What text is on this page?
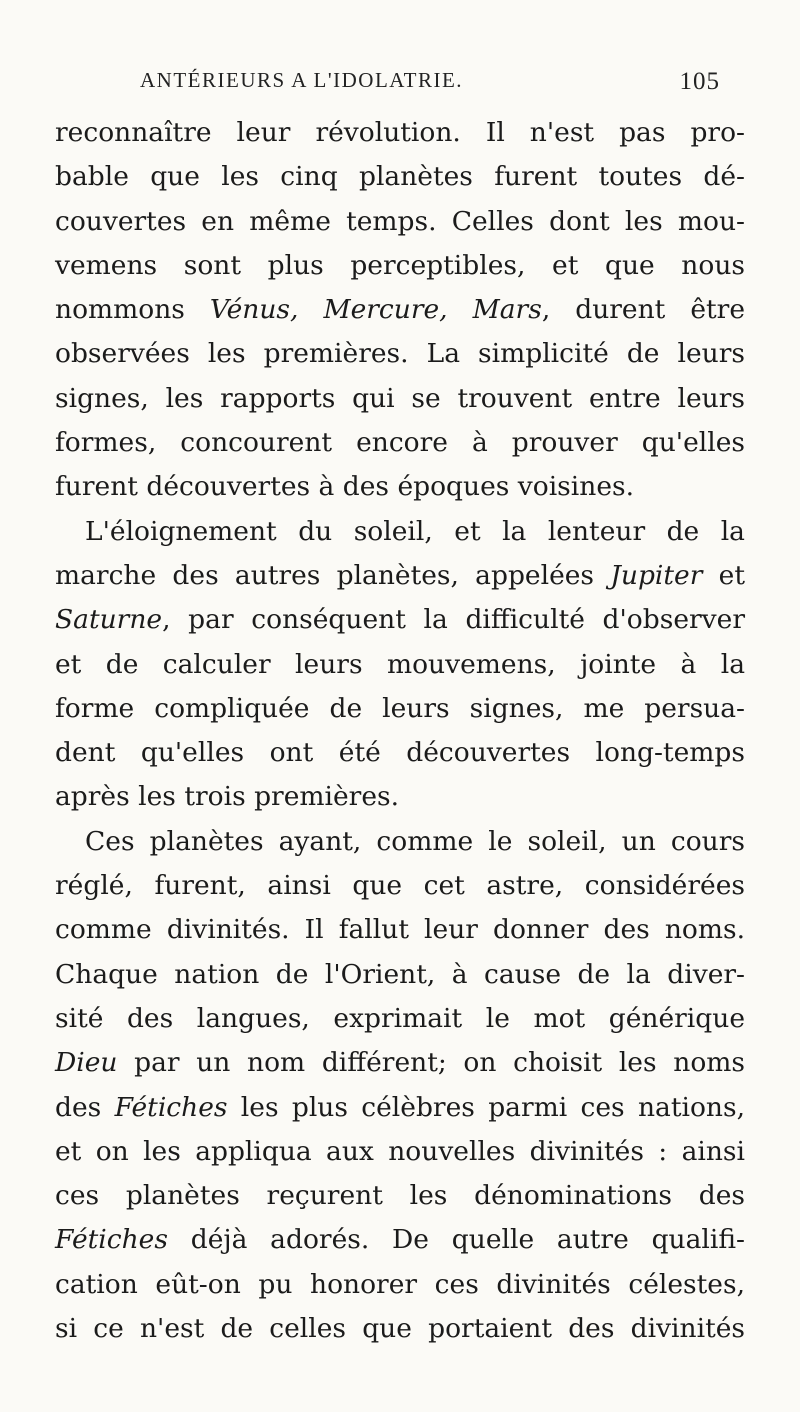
ANTÉRIEURS A L'IDOLATRIE.	105
reconnaître leur révolution. Il n'est pas pro-
bable que les cinq planètes furent toutes dé-
couvertes en même temps. Celles dont les mou-
vemens sont plus perceptibles, et que nous
nommons Vénus, Mercure, Mars, durent être
observées les premières. La simplicité de leurs
signes, les rapports qui se trouvent entre leurs
formes, concourent encore à prouver qu'elles
furent découvertes à des époques voisines.
L'éloignement du soleil, et la lenteur de la
marche des autres planètes, appelées Jupiter et
Saturne, par conséquent la difficulté d'observer
et de calculer leurs mouvemens, jointe à la
forme compliquée de leurs signes, me persua-
dent qu'elles ont été découvertes long-temps
après les trois premières.
Ces planètes ayant, comme le soleil, un cours
réglé, furent, ainsi que cet astre, considérées
comme divinités. Il fallut leur donner des noms.
Chaque nation de l'Orient, à cause de la diver-
sité des langues, exprimait le mot générique
Dieu par un nom différent; on choisit les noms
des Fétiches les plus célèbres parmi ces nations,
et on les appliqua aux nouvelles divinités : ainsi
ces planètes reçurent les dénominations des
Fétiches déjà adorés. De quelle autre qualifi-
cation eût-on pu honorer ces divinités célestes,
si ce n'est de celles que portaient des divinités
